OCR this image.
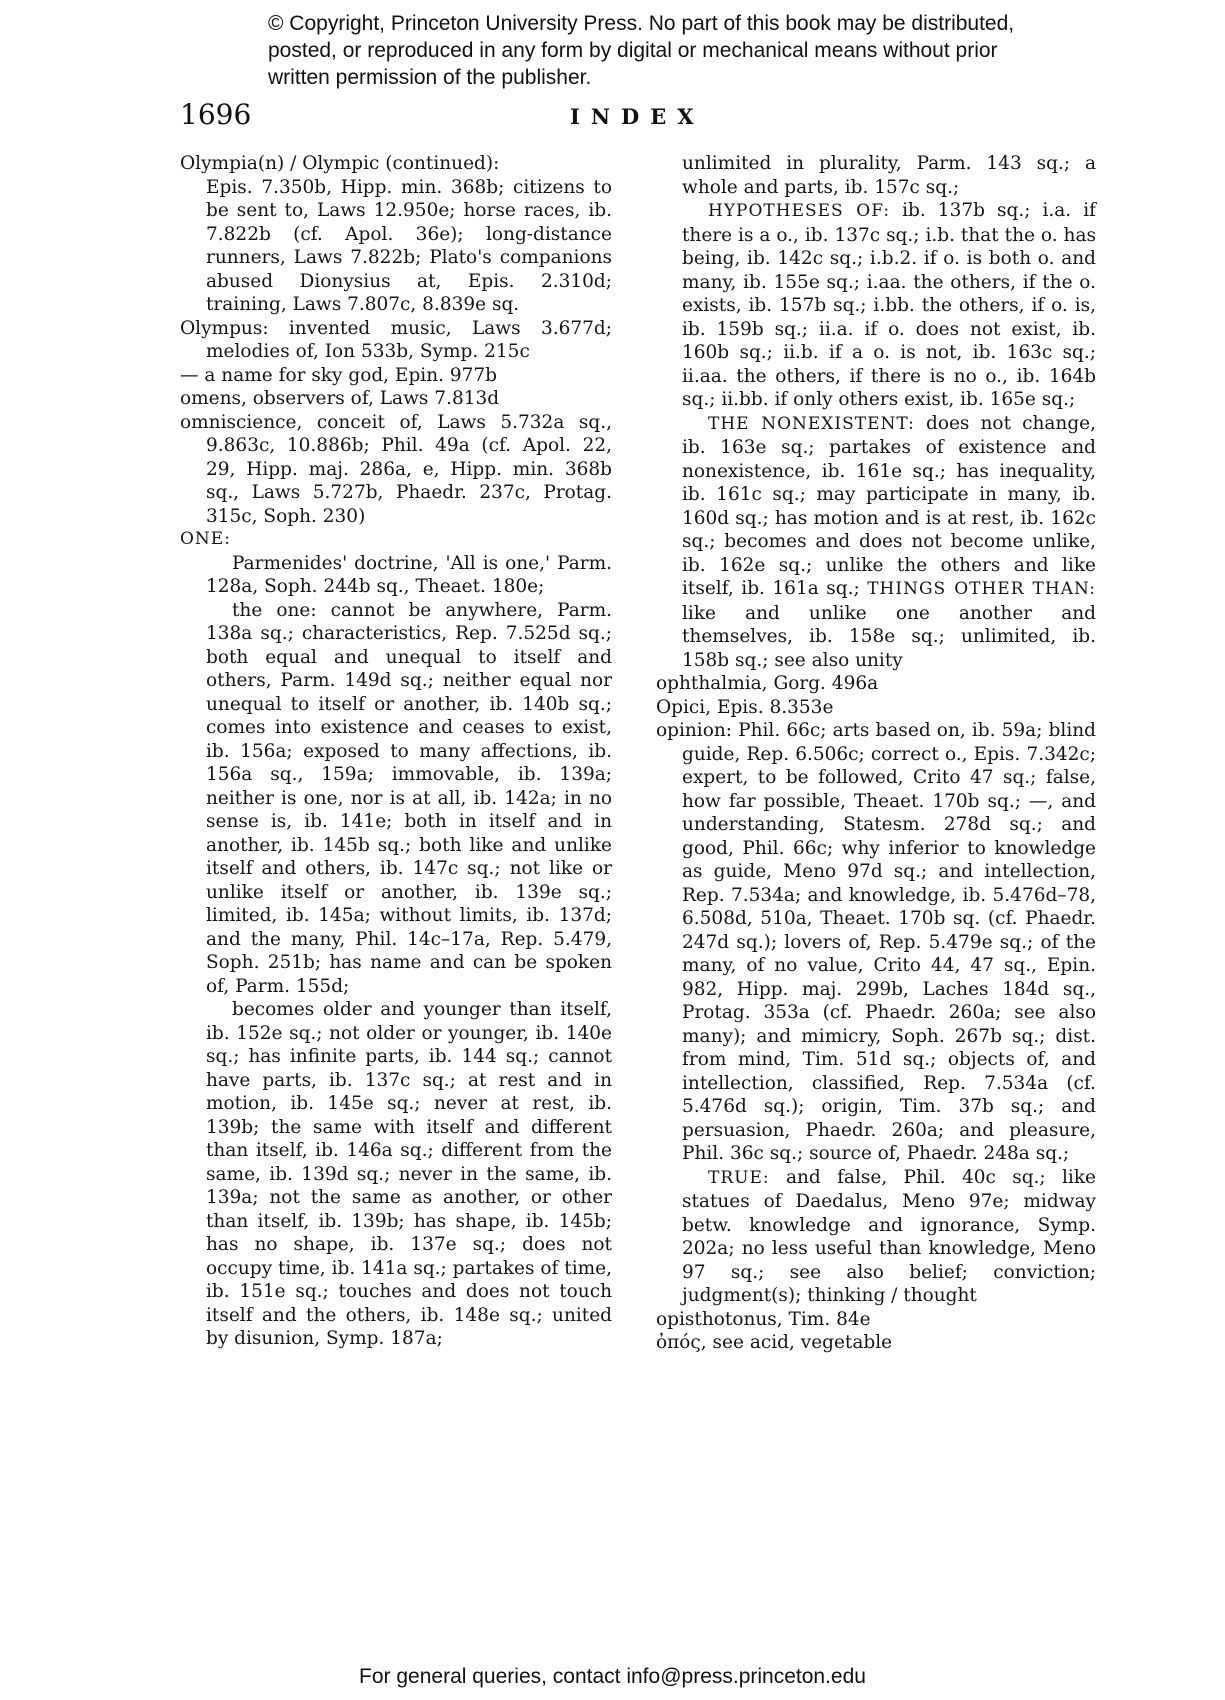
© Copyright, Princeton University Press. No part of this book may be distributed, posted, or reproduced in any form by digital or mechanical means without prior written permission of the publisher.
1696	INDEX

Olympia(n) / Olympic (continued):

Epis. 7.350b, Hipp. min. 368b; citizens to be sent to, Laws 12.950e; horse races, ib. 7.822b (cf. Apol. 36e); long-distance runners, Laws 7.822b; Plato's companions abused Dionysius at, Epis. 2.310d; training, Laws 7.807c, 8.839e sq.

Olympus: invented music, Laws 3.677d; melodies of, Ion 533b, Symp. 215c

— a name for sky god, Epin. 977b

omens, observers of, Laws 7.813d

omniscience, conceit of, Laws 5.732a sq., 9.863c, 10.886b; Phil. 49a (cf. Apol. 22, 29, Hipp. maj. 286a, e, Hipp. min. 368b sq., Laws 5.727b, Phaedr. 237c, Protag. 315c, Soph. 230)

ONE:

Parmenides' doctrine, 'All is one,' Parm. 128a, Soph. 244b sq., Theaet. 180e;

the one: cannot be anywhere, Parm. 138a sq.; characteristics, Rep. 7.525d sq.; both equal and unequal to itself and others, Parm. 149d sq.; neither equal nor unequal to itself or another, ib. 140b sq.; comes into existence and ceases to exist, ib. 156a; exposed to many affections, ib. 156a sq., 159a; immovable, ib. 139a; neither is one, nor is at all, ib. 142a; in no sense is, ib. 141e; both in itself and in another, ib. 145b sq.; both like and unlike itself and others, ib. 147c sq.; not like or unlike itself or another, ib. 139e sq.; limited, ib. 145a; without limits, ib. 137d; and the many, Phil. 14c–17a, Rep. 5.479, Soph. 251b; has name and can be spoken of, Parm. 155d;

becomes older and younger than itself, ib. 152e sq.; not older or younger, ib. 140e sq.; has infinite parts, ib. 144 sq.; cannot have parts, ib. 137c sq.; at rest and in motion, ib. 145e sq.; never at rest, ib. 139b; the same with itself and different than itself, ib. 146a sq.; different from the same, ib. 139d sq.; never in the same, ib. 139a; not the same as another, or other than itself, ib. 139b; has shape, ib. 145b; has no shape, ib. 137e sq.; does not occupy time, ib. 141a sq.; partakes of time, ib. 151e sq.; touches and does not touch itself and the others, ib. 148e sq.; united by disunion, Symp. 187a;

unlimited in plurality, Parm. 143 sq.; a whole and parts, ib. 157c sq.;

HYPOTHESES OF: ib. 137b sq.; i.a. if there is a o., ib. 137c sq.; i.b. that the o. has being, ib. 142c sq.; i.b.2. if o. is both o. and many, ib. 155e sq.; i.aa. the others, if the o. exists, ib. 157b sq.; i.bb. the others, if o. is, ib. 159b sq.; ii.a. if o. does not exist, ib. 160b sq.; ii.b. if a o. is not, ib. 163c sq.; ii.aa. the others, if there is no o., ib. 164b sq.; ii.bb. if only others exist, ib. 165e sq.;

THE NONEXISTENT: does not change, ib. 163e sq.; partakes of existence and nonexistence, ib. 161e sq.; has inequality, ib. 161c sq.; may participate in many, ib. 160d sq.; has motion and is at rest, ib. 162c sq.; becomes and does not become unlike, ib. 162e sq.; unlike the others and like itself, ib. 161a sq.; THINGS OTHER THAN: like and unlike one another and themselves, ib. 158e sq.; unlimited, ib. 158b sq.; see also unity

ophthalmia, Gorg. 496a

Opici, Epis. 8.353e

opinion: Phil. 66c; arts based on, ib. 59a; blind guide, Rep. 6.506c; correct o., Epis. 7.342c; expert, to be followed, Crito 47 sq.; false, how far possible, Theaet. 170b sq.; —, and understanding, Statesm. 278d sq.; and good, Phil. 66c; why inferior to knowledge as guide, Meno 97d sq.; and intellection, Rep. 7.534a; and knowledge, ib. 5.476d–78, 6.508d, 510a, Theaet. 170b sq. (cf. Phaedr. 247d sq.); lovers of, Rep. 5.479e sq.; of the many, of no value, Crito 44, 47 sq., Epin. 982, Hipp. maj. 299b, Laches 184d sq., Protag. 353a (cf. Phaedr. 260a; see also many); and mimicry, Soph. 267b sq.; dist. from mind, Tim. 51d sq.; objects of, and intellection, classified, Rep. 7.534a (cf. 5.476d sq.); origin, Tim. 37b sq.; and persuasion, Phaedr. 260a; and pleasure, Phil. 36c sq.; source of, Phaedr. 248a sq.;

TRUE: and false, Phil. 40c sq.; like statues of Daedalus, Meno 97e; midway betw. knowledge and ignorance, Symp. 202a; no less useful than knowledge, Meno 97 sq.; see also belief; conviction; judgment(s); thinking / thought

opisthotonus, Tim. 84e

ὀπός, see acid, vegetable

For general queries, contact info@press.princeton.edu
